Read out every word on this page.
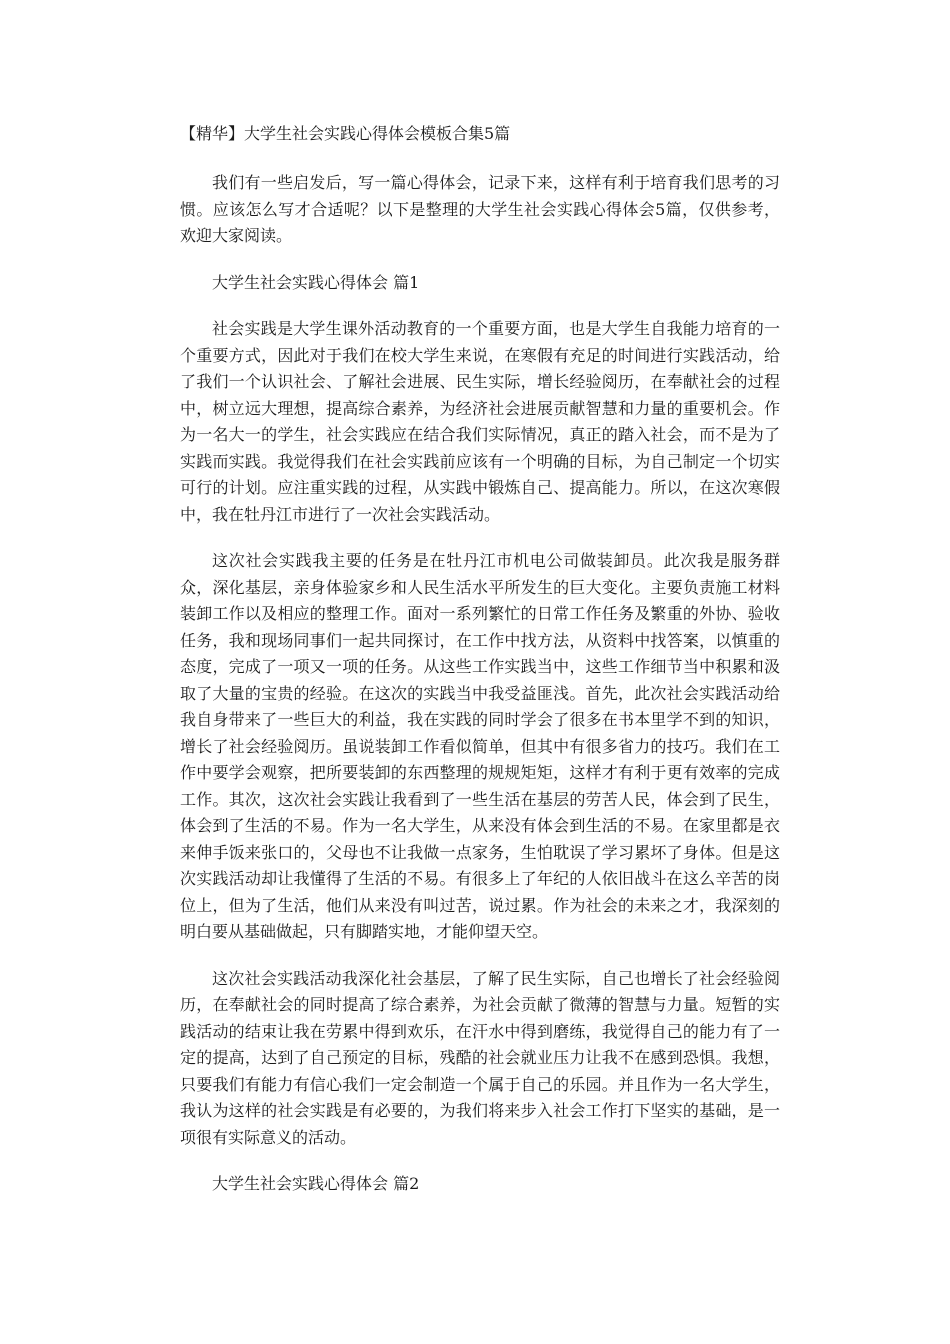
【精华】大学生社会实践心得体会模板合集5篇

我们有一些启发后，写一篇心得体会，记录下来，这样有利于培育我们思考的习惯。应该怎么写才合适呢？以下是整理的大学生社会实践心得体会5篇，仅供参考，欢迎大家阅读。

大学生社会实践心得体会 篇1

社会实践是大学生课外活动教育的一个重要方面，也是大学生自我能力培育的一个重要方式，因此对于我们在校大学生来说，在寒假有充足的时间进行实践活动，给了我们一个认识社会、了解社会进展、民生实际，增长经验阅历，在奉献社会的过程中，树立远大理想，提高综合素养，为经济社会进展贡献智慧和力量的重要机会。作为一名大一的学生，社会实践应在结合我们实际情况，真正的踏入社会，而不是为了实践而实践。我觉得我们在社会实践前应该有一个明确的目标，为自己制定一个切实可行的计划。应注重实践的过程，从实践中锻炼自己、提高能力。所以，在这次寒假中，我在牡丹江市进行了一次社会实践活动。

这次社会实践我主要的任务是在牡丹江市机电公司做装卸员。此次我是服务群众，深化基层，亲身体验家乡和人民生活水平所发生的巨大变化。主要负责施工材料装卸工作以及相应的整理工作。面对一系列繁忙的日常工作任务及繁重的外协、验收任务，我和现场同事们一起共同探讨，在工作中找方法，从资料中找答案，以慎重的态度，完成了一项又一项的任务。从这些工作实践当中，这些工作细节当中积累和汲取了大量的宝贵的经验。在这次的实践当中我受益匪浅。首先，此次社会实践活动给我自身带来了一些巨大的利益，我在实践的同时学会了很多在书本里学不到的知识，增长了社会经验阅历。虽说装卸工作看似简单，但其中有很多省力的技巧。我们在工作中要学会观察，把所要装卸的东西整理的规规矩矩，这样才有利于更有效率的完成工作。其次，这次社会实践让我看到了一些生活在基层的劳苦人民，体会到了民生，体会到了生活的不易。作为一名大学生，从来没有体会到生活的不易。在家里都是衣来伸手饭来张口的，父母也不让我做一点家务，生怕耽误了学习累坏了身体。但是这次实践活动却让我懂得了生活的不易。有很多上了年纪的人依旧战斗在这么辛苦的岗位上，但为了生活，他们从来没有叫过苦，说过累。作为社会的未来之才，我深刻的明白要从基础做起，只有脚踏实地，才能仰望天空。

这次社会实践活动我深化社会基层，了解了民生实际，自己也增长了社会经验阅历，在奉献社会的同时提高了综合素养，为社会贡献了微薄的智慧与力量。短暂的实践活动的结束让我在劳累中得到欢乐，在汗水中得到磨练，我觉得自己的能力有了一定的提高，达到了自己预定的目标，残酷的社会就业压力让我不在感到恐惧。我想，只要我们有能力有信心我们一定会制造一个属于自己的乐园。并且作为一名大学生，我认为这样的社会实践是有必要的，为我们将来步入社会工作打下坚实的基础，是一项很有实际意义的活动。

大学生社会实践心得体会 篇2
